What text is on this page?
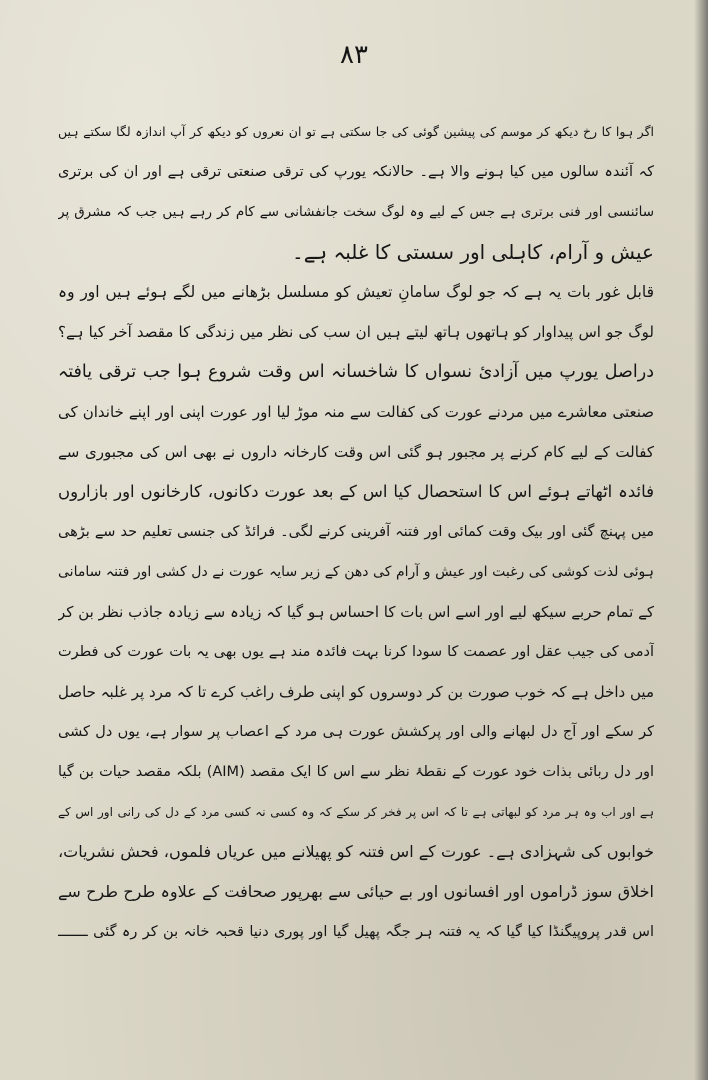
۸۳
اگر ہوا کا رخ دیکھ کر موسم کی پیشین گوئی کی جا سکتی ہے تو ان نعروں کو دیکھ کر آپ اندازہ لگا سکتے ہیں
کہ آئندہ سالوں میں کیا ہونے والا ہے۔ حالانکہ یورپ کی ترقی صنعتی ترقی ہے اور ان کی برتری
سائنسی اور فنی برتری ہے جس کے لیے وہ لوگ سخت جانفشانی سے کام کر رہے ہیں جب کہ مشرق پر
عیش و آرام، کاہلی اور سستی کا غلبہ ہے۔
قابل غور بات یہ ہے کہ جو لوگ سامانِ تعیش کو مسلسل بڑھانے میں لگے ہوئے ہیں اور وہ
لوگ جو اس پیداوار کو ہاتھوں ہاتھ لیتے ہیں ان سب کی نظر میں زندگی کا مقصد آخر کیا ہے؟
دراصل یورپ میں آزادیٔ نسواں کا شاخسانہ اس وقت شروع ہوا جب ترقی یافتہ
صنعتی معاشرے میں مردنے عورت کی کفالت سے منہ موڑ لیا اور عورت اپنی اور اپنے خاندان کی
کفالت کے لیے کام کرنے پر مجبور ہو گئی اس وقت کارخانہ داروں نے بھی اس کی مجبوری سے
فائدہ اٹھاتے ہوئے اس کا استحصال کیا اس کے بعد عورت دکانوں، کارخانوں اور بازاروں
میں پہنچ گئی اور بیک وقت کمائی اور فتنہ آفرینی کرنے لگی۔ فرائڈ کی جنسی تعلیم حد سے بڑھی
ہوئی لذت کوشی کی رغبت اور عیش و آرام کی دھن کے زیر سایہ عورت نے دل کشی اور فتنہ سامانی
کے تمام حربے سیکھ لیے اور اسے اس بات کا احساس ہو گیا کہ زیادہ سے زیادہ جاذب نظر بن کر
آدمی کی جیب عقل اور عصمت کا سودا کرنا بہت فائدہ مند ہے یوں بھی یہ بات عورت کی فطرت
میں داخل ہے کہ خوب صورت بن کر دوسروں کو اپنی طرف راغب کرے تا کہ مرد پر غلبہ حاصل
کر سکے اور آج دل لبھانے والی اور پرکشش عورت ہی مرد کے اعصاب پر سوار ہے، یوں دل کشی
اور دل ربائی بذات خود عورت کے نقطۂ نظر سے اس کا ایک مقصد (AIM) بلکہ مقصد حیات بن گیا
ہے اور اب وہ ہر مرد کو لبھاتی ہے تا کہ اس پر فخر کر سکے کہ وہ کسی نہ کسی مرد کے دل کی رانی اور اس کے
خوابوں کی شہزادی ہے۔ عورت کے اس فتنہ کو پھیلانے میں عریاں فلموں، فحش نشریات،
اخلاق سوز ڈراموں اور افسانوں اور بے حیائی سے بھرپور صحافت کے علاوہ طرح طرح سے
اس قدر پروپیگنڈا کیا گیا کہ یہ فتنہ ہر جگہ پھیل گیا اور پوری دنیا قحبہ خانہ بن کر رہ گئی ـــــــ
